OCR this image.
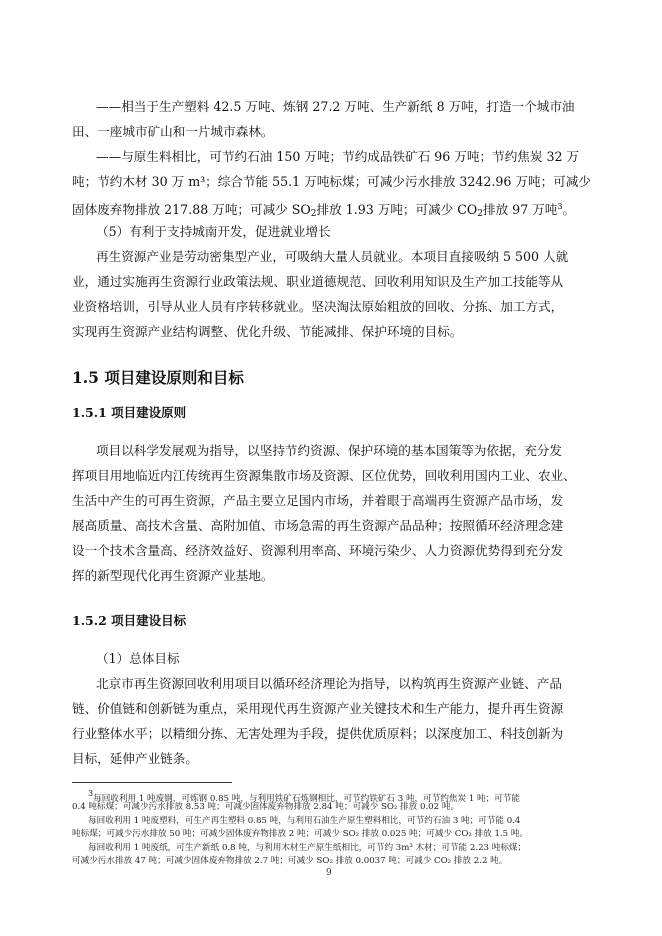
——相当于生产塑料 42.5 万吨、炼钢 27.2 万吨、生产新纸 8 万吨，打造一个城市油
田、一座城市矿山和一片城市森林。
——与原生料相比，可节约石油 150 万吨；节约成品铁矿石 96 万吨；节约焦炭 32 万
吨；节约木材 30 万 m³；综合节能 55.1 万吨标煤；可减少污水排放 3242.96 万吨；可减少
固体废弃物排放 217.88 万吨；可减少 $SO_2$排放 1.93 万吨；可减少 $CO_2$排放 97 万吨$^3$。
（5）有利于支持城南开发，促进就业增长
再生资源产业是劳动密集型产业，可吸纳大量人员就业。本项目直接吸纳 5 500 人就
业，通过实施再生资源行业政策法规、职业道德规范、回收利用知识及生产加工技能等从
业资格培训，引导从业人员有序转移就业。坚决淘汰原始粗放的回收、分拣、加工方式，
实现再生资源产业结构调整、优化升级、节能减排、保护环境的目标。
1.5 项目建设原则和目标
1.5.1 项目建设原则
项目以科学发展观为指导，以坚持节约资源、保护环境的基本国策等为依据，充分发
挥项目用地临近内江传统再生资源集散市场及资源、区位优势，回收利用国内工业、农业、
生活中产生的可再生资源，产品主要立足国内市场，并着眼于高端再生资源产品市场，发
展高质量、高技术含量、高附加值、市场急需的再生资源产品品种；按照循环经济理念建
设一个技术含量高、经济效益好、资源利用率高、环境污染少、人力资源优势得到充分发
挥的新型现代化再生资源产业基地。
1.5.2 项目建设目标
（1）总体目标
北京市再生资源回收利用项目以循环经济理论为指导，以构筑再生资源产业链、产品
链、价值链和创新链为重点，采用现代再生资源产业关键技术和生产能力，提升再生资源
行业整体水平；以精细分拣、无害处理为手段，提供优质原料；以深度加工、科技创新为
目标，延伸产业链条。
$^3$每回收利用 1 吨废钢，可炼钢 0.85 吨，与利用铁矿石炼钢相比，可节约铁矿石 3 吨，可节约焦炭 1 吨；可节能
0.4 吨标煤；可减少污水排放 8.53 吨；可减少固体废弃物排放 2.84 吨；可减少 SO₂ 排放 0.02 吨。
每回收利用 1 吨废塑料，可生产再生塑料 0.85 吨，与利用石油生产原生塑料相比，可节约石油 3 吨；可节能 0.4
吨标煤；可减少污水排放 50 吨；可减少固体废弃物排放 2 吨；可减少 SO₂ 排放 0.025 吨；可减少 CO₂ 排放 1.5 吨。
每回收利用 1 吨废纸，可生产新纸 0.8 吨，与利用木材生产原生纸相比，可节约 3m³ 木材；可节能 2.23 吨标煤；
可减少污水排放 47 吨；可减少固体废弃物排放 2.7 吨；可减少 SO₂ 排放 0.0037 吨；可减少 CO₂ 排放 2.2 吨。
9
